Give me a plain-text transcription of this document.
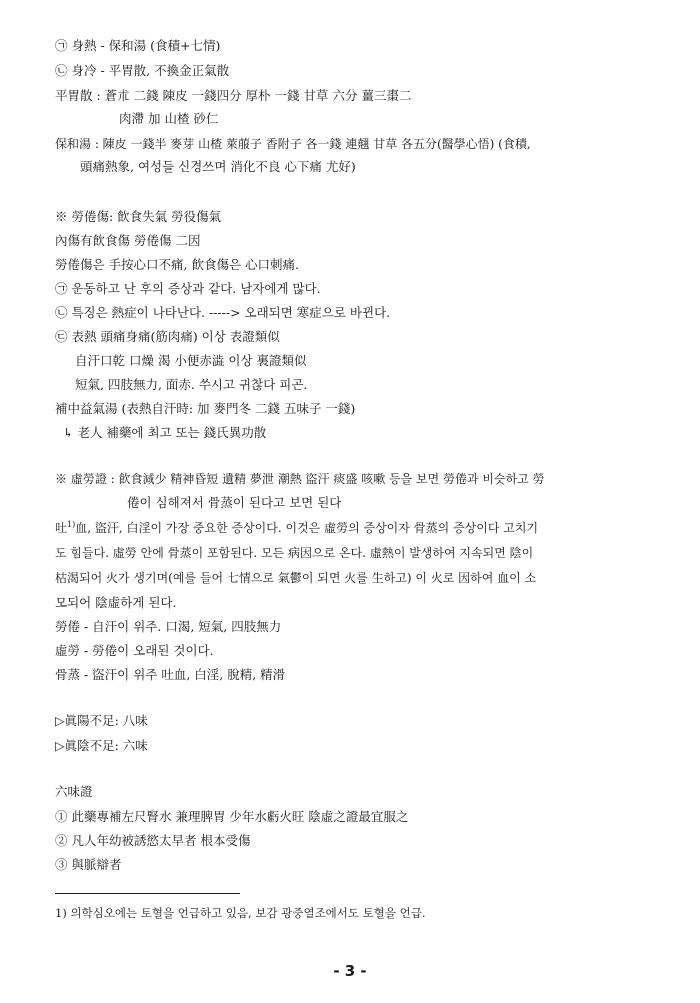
㉠ 身熱 - 保和湯 (食積+七情)
㉡ 身冷 - 平胃散, 不換金正氣散
平胃散 : 蒼朮 二錢 陳皮 一錢四分 厚朴 一錢 甘草 六分 薑三棗二
肉滯 加 山楂 砂仁
保和湯 : 陳皮 一錢半 麥芽 山楂 萊菔子 香附子 各一錢 連翹 甘草 各五分(醫學心悟) (食積,
頭痛熱象, 여성들 신경쓰며 消化不良 心下痛 尤好)
※ 勞倦傷: 飮食失氣 勞役傷氣
內傷有飮食傷 勞倦傷 二因
勞倦傷은 手按心口不痛, 飮食傷은 心口刺痛.
㉠ 운동하고 난 후의 증상과 같다. 남자에게 많다.
㉡ 특징은 熱症이 나타난다. -----> 오래되면 寒症으로 바뀐다.
㉢ 表熱 頭痛身痛(筋肉痛) 이상 表證類似
自汗口乾 口燥 渴 小便赤澁 이상 裏證類似
短氣, 四肢無力, 面赤. 쑤시고 귀찮다 피곤.
補中益氣湯 (表熱自汗時: 加 麥門冬 二錢 五味子 一錢)
↳ 老人 補藥에 최고 또는 錢氏異功散
※ 虛勞證 : 飮食減少 精神昏短 遺精 夢泄 潮熱 盜汗 痰盛 咳嗽 등을 보면 勞倦과 비슷하고 勞
倦이 심해져서 骨蒸이 된다고 보면 된다
吐$^{1)}$血, 盜汗, 白淫이 가장 중요한 증상이다. 이것은 虛勞의 증상이자 骨蒸의 증상이다 고치기
도 힘들다. 虛勞 안에 骨蒸이 포함된다. 모든 病因으로 온다. 虛熱이 발생하여 지속되면 陰이
枯渴되어 火가 생기며(예를 들어 七情으로 氣鬱이 되면 火를 生하고) 이 火로 因하여 血이 소
모되어 陰虛하게 된다.
勞倦 - 自汗이 위주. 口渴, 短氣, 四肢無力
虛勞 - 勞倦이 오래된 것이다.
骨蒸 - 盜汗이 위주 吐血, 白淫, 脫精, 精滑
▷眞陽不足: 八味
▷眞陰不足: 六味
六味證
① 此藥專補左尺腎水 兼理脾胃 少年水虧火旺 陰虛之證最宜服之
② 凡人年幼被誘慾太早者 根本受傷
③ 與脈辯者
1) 의학심오에는 토혈을 언급하고 있음, 보감 광중열조에서도 토혈을 언급.
- 3 -
